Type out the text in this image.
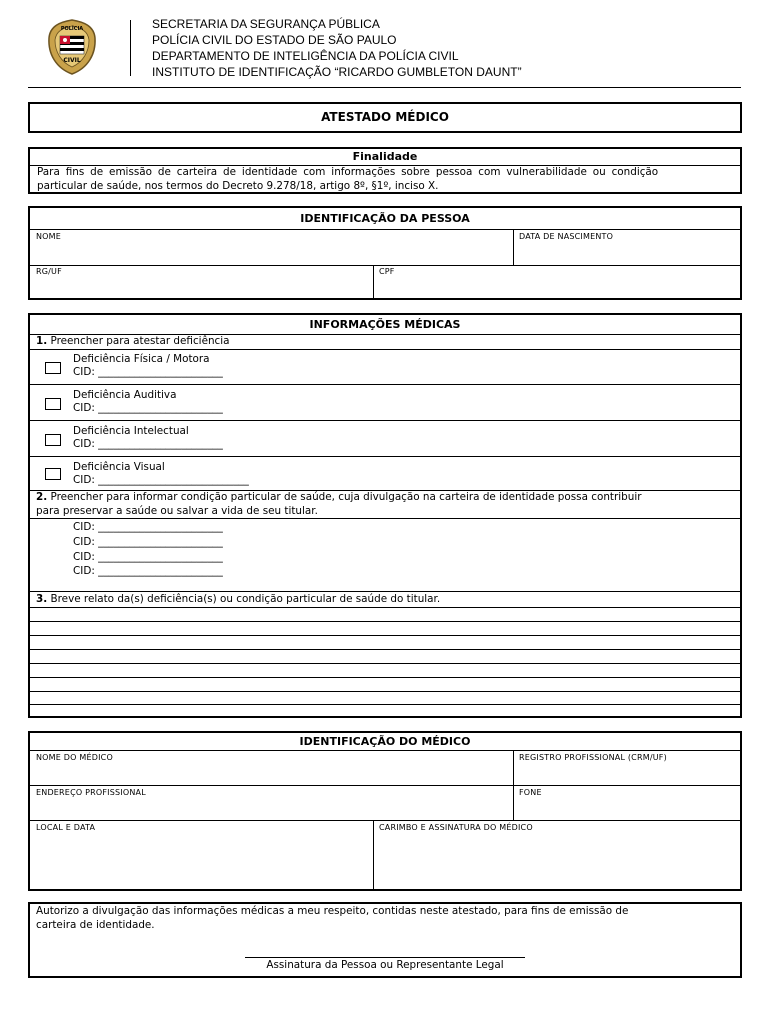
POLÍCIA
CIVIL
SECRETARIA DA SEGURANÇA PÚBLICA
POLÍCIA CIVIL DO ESTADO DE SÃO PAULO
DEPARTAMENTO DE INTELIGÊNCIA DA POLÍCIA CIVIL
INSTITUTO DE IDENTIFICAÇÃO “RICARDO GUMBLETON DAUNT”
ATESTADO MÉDICO
Finalidade
Para fins de emissão de carteira de identidade com informações sobre pessoa com vulnerabilidade ou condição
particular de saúde, nos termos do Decreto 9.278/18, artigo 8º, §1º, inciso X.
IDENTIFICAÇÃO DA PESSOA
NOME	DATA DE NASCIMENTO
RG/UF	CPF
INFORMAÇÕES MÉDICAS
1. Preencher para atestar deficiência
Deficiência Física / Motora
CID: ________________________
Deficiência Auditiva
CID: ________________________
Deficiência Intelectual
CID: ________________________
Deficiência Visual
CID: _____________________________
2. Preencher para informar condição particular de saúde, cuja divulgação na carteira de identidade possa contribuir
para preservar a saúde ou salvar a vida de seu titular.
CID: ________________________
CID: ________________________
CID: ________________________
CID: ________________________
3. Breve relato da(s) deficiência(s) ou condição particular de saúde do titular.
IDENTIFICAÇÃO DO MÉDICO
NOME DO MÉDICO	REGISTRO PROFISSIONAL (CRM/UF)
ENDEREÇO PROFISSIONAL	FONE
LOCAL E DATA	CARIMBO E ASSINATURA DO MÉDICO
Autorizo a divulgação das informações médicas a meu respeito, contidas neste atestado, para fins de emissão de
carteira de identidade.
Assinatura da Pessoa ou Representante Legal
